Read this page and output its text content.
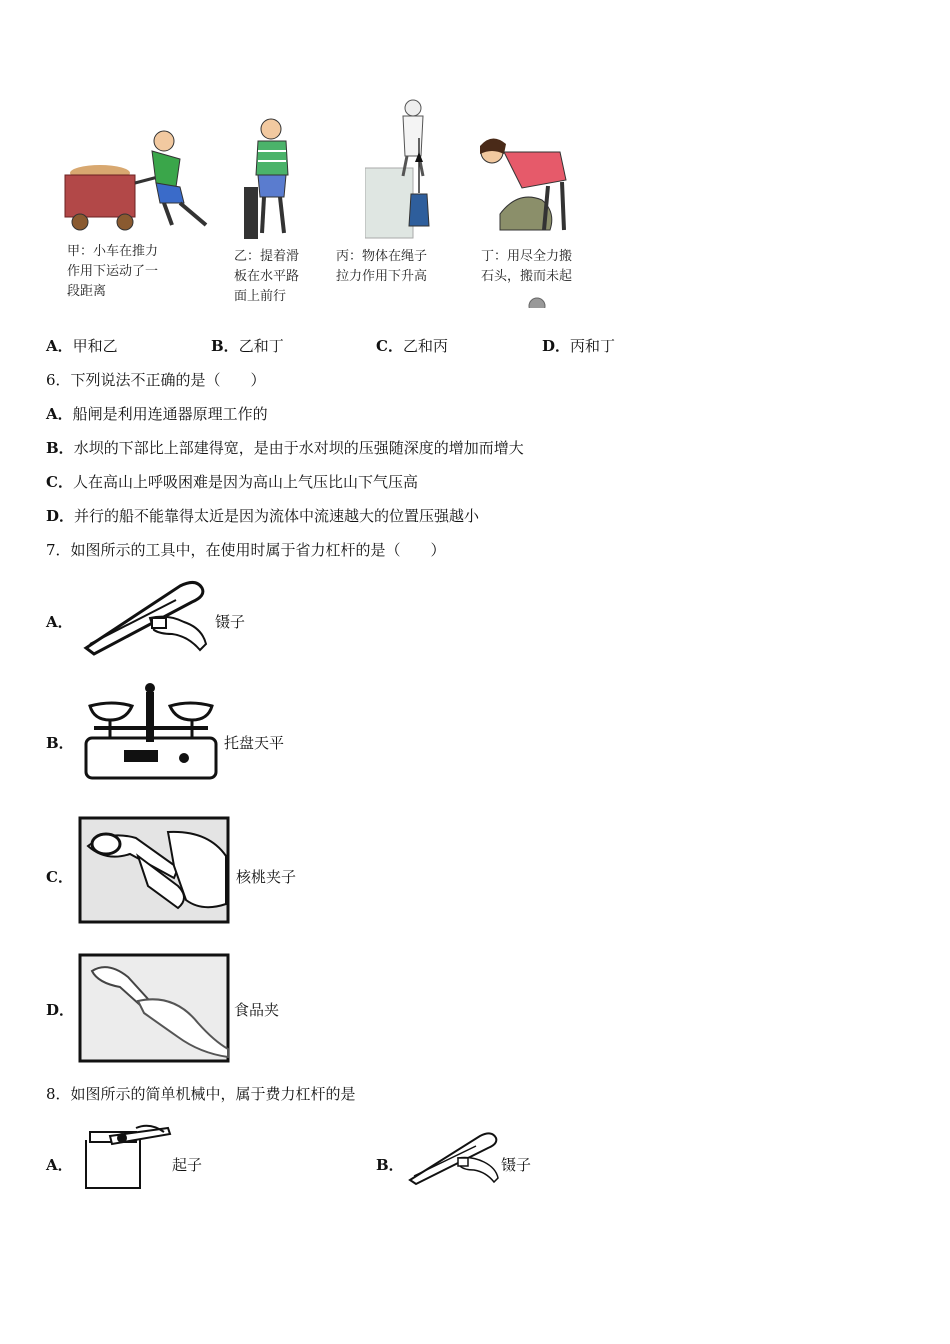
甲：小车在推力
作用下运动了一
段距离
乙：提着滑
板在水平路
面上前行
丙：物体在绳子
拉力作用下升高
丁：用尽全力搬
石头，搬而未起
A．甲和乙	B．乙和丁	C．乙和丙	D．丙和丁
6．下列说法不正确的是（　　）
A．船闸是利用连通器原理工作的
B．水坝的下部比上部建得宽，是由于水对坝的压强随深度的增加而增大
C．人在高山上呼吸困难是因为高山上气压比山下气压高
D．并行的船不能靠得太近是因为流体中流速越大的位置压强越小
7．如图所示的工具中，在使用时属于省力杠杆的是（　　）
A．	镊子
B．	托盘天平
C．	核桃夹子
D．	食品夹
8．如图所示的简单机械中，属于费力杠杆的是
A．	起子	B．	镊子
